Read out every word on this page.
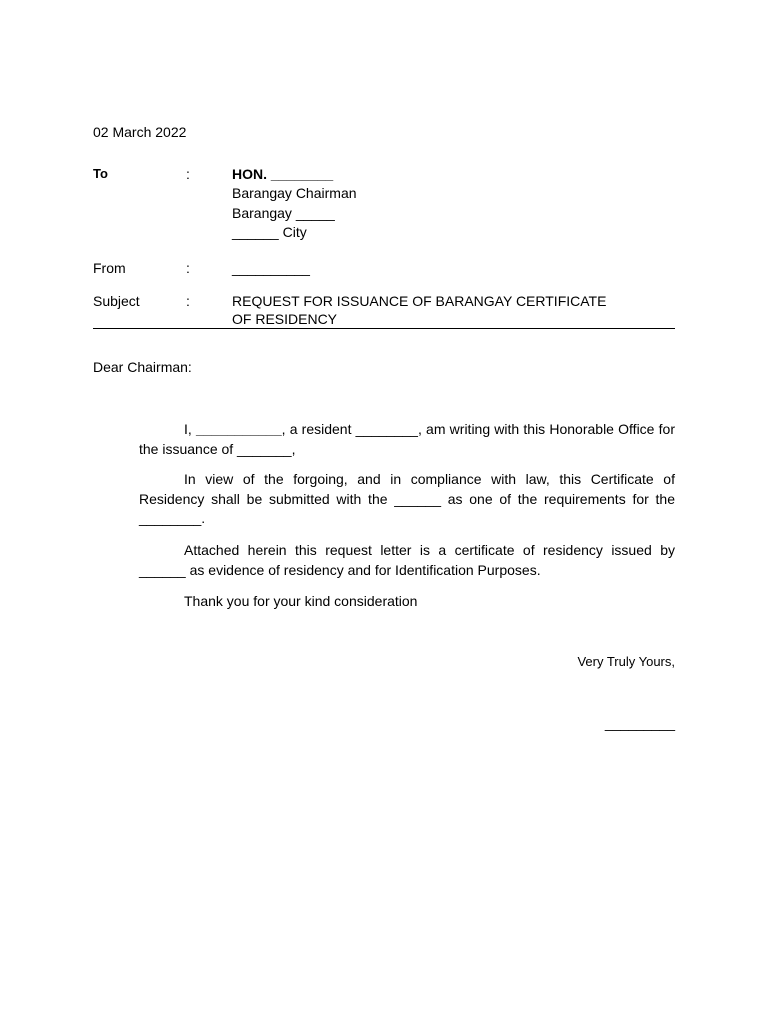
02 March 2022
To	:	HON. ________
Barangay Chairman
Barangay _____
______ City
From	:	__________
Subject	:	REQUEST FOR ISSUANCE OF BARANGAY CERTIFICATE
OF RESIDENCY
Dear Chairman:
I, ___________, a resident ________, am writing with this Honorable Office for the issuance of _______,
In view of the forgoing, and in compliance with law, this Certificate of Residency shall be submitted with the ______ as one of the requirements for the ________.
Attached herein this request letter is a certificate of residency issued by ______ as evidence of residency and for Identification Purposes.
Thank you for your kind consideration
Very Truly Yours,
_________
